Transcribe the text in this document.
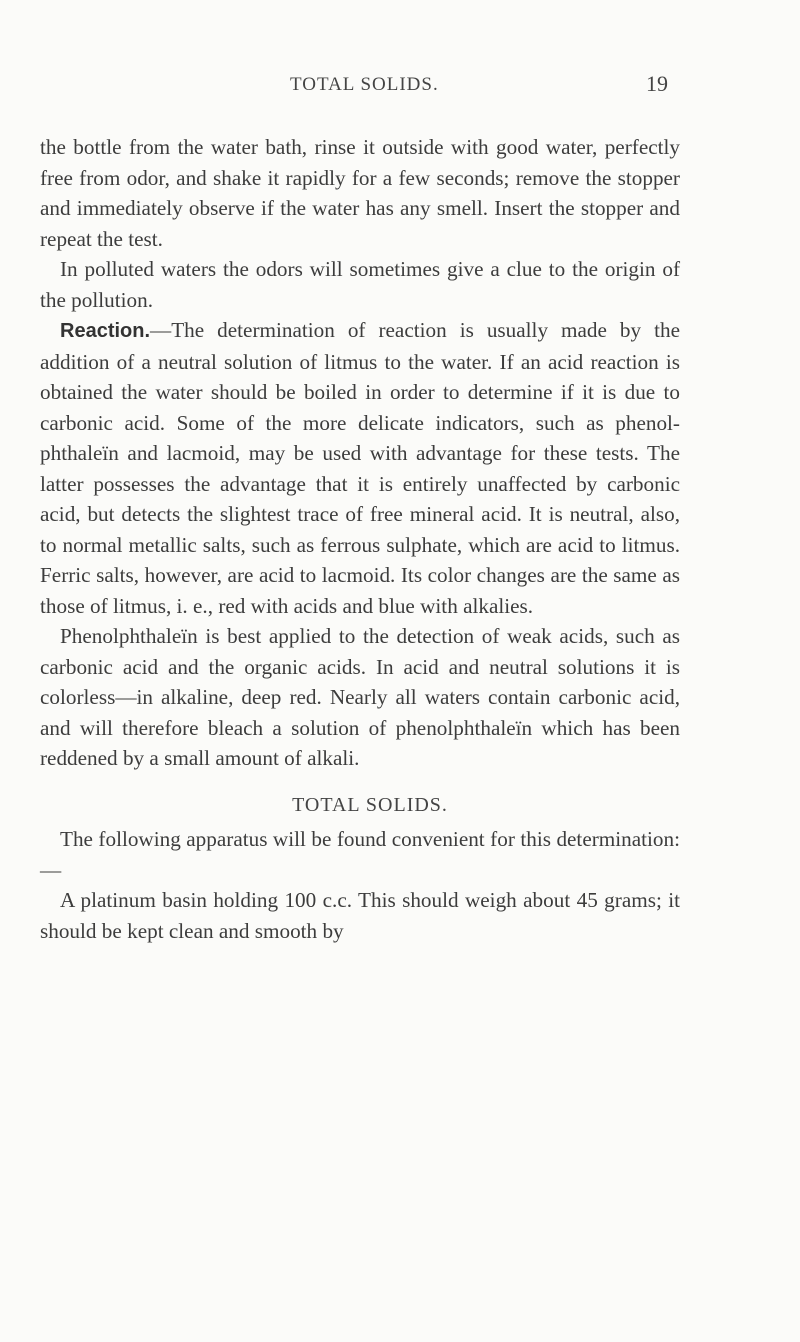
TOTAL SOLIDS.	19

the bottle from the water bath, rinse it outside with good water, perfectly free from odor, and shake it rapidly for a few seconds; remove the stopper and immediately observe if the water has any smell. Insert the stopper and repeat the test.

In polluted waters the odors will sometimes give a clue to the origin of the pollution.

Reaction.—The determination of reaction is usually made by the addition of a neutral solution of litmus to the water. If an acid reaction is obtained the water should be boiled in order to determine if it is due to carbonic acid. Some of the more delicate indicators, such as phenol-phthaleïn and lacmoid, may be used with advantage for these tests. The latter possesses the advantage that it is entirely unaffected by carbonic acid, but detects the slightest trace of free mineral acid. It is neutral, also, to normal metallic salts, such as ferrous sulphate, which are acid to litmus. Ferric salts, however, are acid to lacmoid. Its color changes are the same as those of litmus, i. e., red with acids and blue with alkalies.

Phenolphthaleïn is best applied to the detection of weak acids, such as carbonic acid and the organic acids. In acid and neutral solutions it is colorless—in alkaline, deep red. Nearly all waters contain carbonic acid, and will therefore bleach a solution of phenolphthaleïn which has been reddened by a small amount of alkali.

TOTAL SOLIDS.

The following apparatus will be found convenient for this determination: —

A platinum basin holding 100 c.c. This should weigh about 45 grams; it should be kept clean and smooth by
